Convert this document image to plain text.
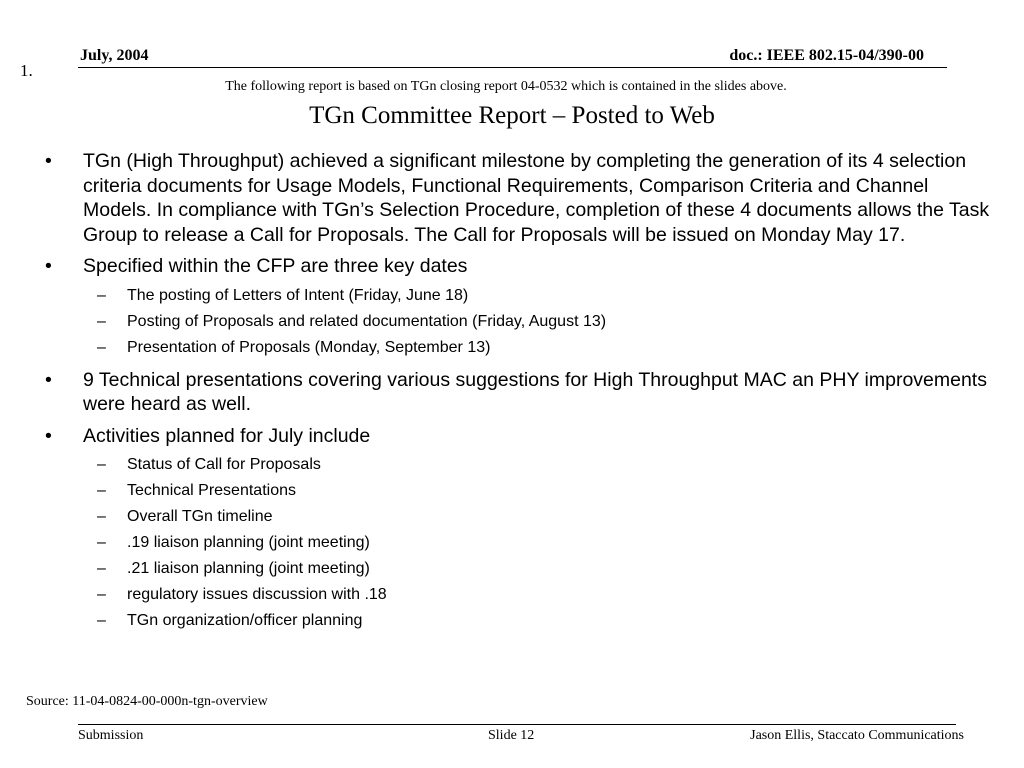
July, 2004	doc.: IEEE 802.15-04/390-00
1.
The following report is based on TGn closing report 04-0532 which is contained in the slides above.
TGn Committee Report – Posted to Web
• TGn (High Throughput) achieved a significant milestone by completing the generation of its 4 selection criteria documents for Usage Models, Functional Requirements, Comparison Criteria and Channel Models. In compliance with TGn’s Selection Procedure, completion of these 4 documents allows the Task Group to release a Call for Proposals. The Call for Proposals will be issued on Monday May 17.
• Specified within the CFP are three key dates
– The posting of Letters of Intent (Friday, June 18)
– Posting of Proposals and related documentation (Friday, August 13)
– Presentation of Proposals (Monday, September 13)
• 9 Technical presentations covering various suggestions for High Throughput MAC an PHY improvements were heard as well.
• Activities planned for July include
– Status of Call for Proposals
– Technical Presentations
– Overall TGn timeline
– .19 liaison planning (joint meeting)
– .21 liaison planning (joint meeting)
– regulatory issues discussion with .18
– TGn organization/officer planning
Source: 11-04-0824-00-000n-tgn-overview
Submission	Slide 12	Jason Ellis, Staccato Communications
